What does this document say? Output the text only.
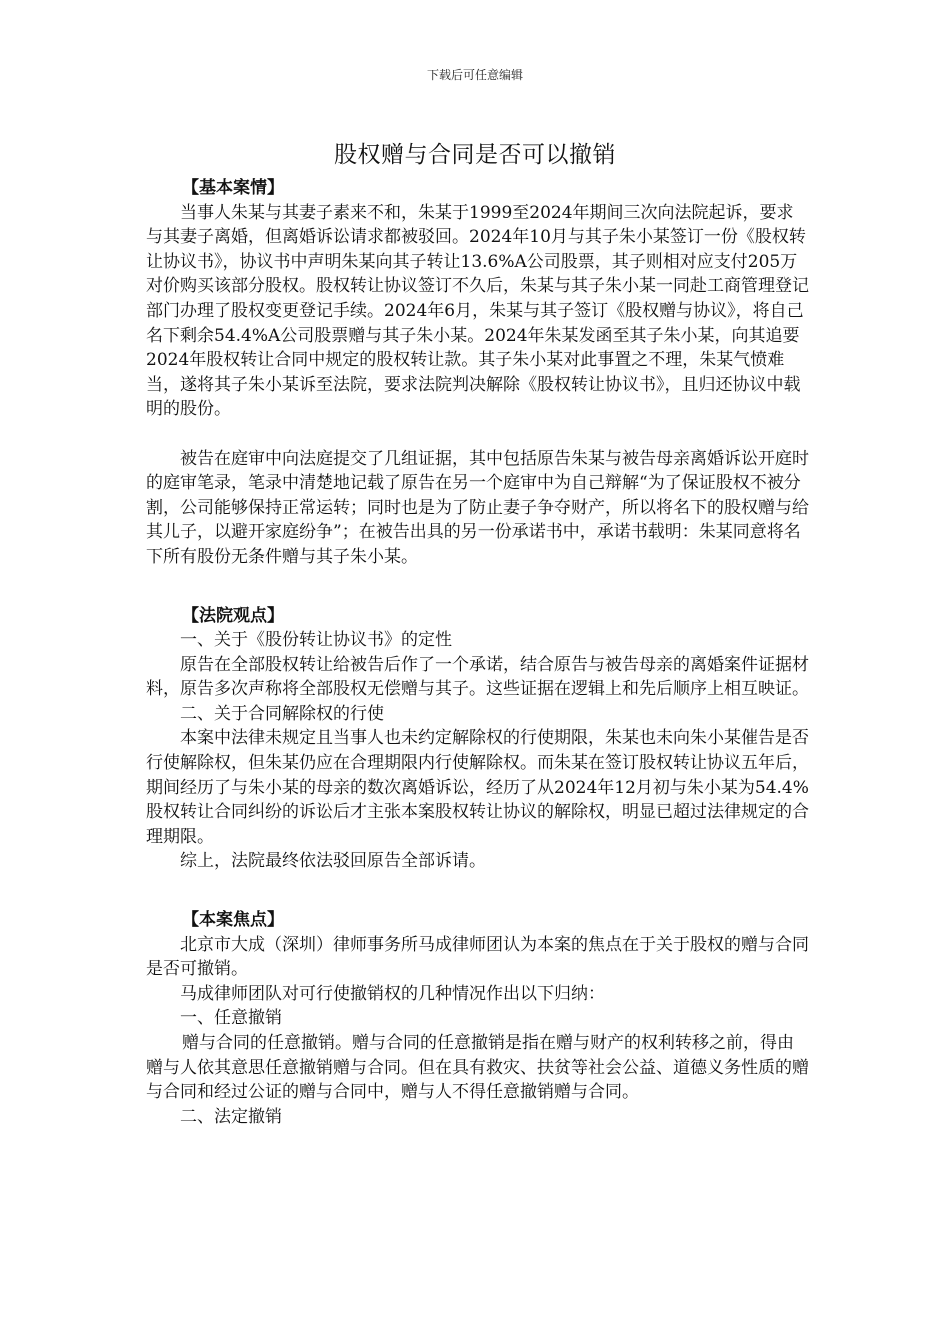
下载后可任意编辑
股权赠与合同是否可以撤销
【基本案情】

当事人朱某与其妻子素来不和，朱某于1999至2024年期间三次向法院起诉，要求与其妻子离婚，但离婚诉讼请求都被驳回。2024年10月与其子朱小某签订一份《股权转让协议书》，协议书中声明朱某向其子转让13.6%A公司股票，其子则相对应支付205万对价购买该部分股权。股权转让协议签订不久后，朱某与其子朱小某一同赴工商管理登记部门办理了股权变更登记手续。2024年6月，朱某与其子签订《股权赠与协议》，将自己名下剩余54.4%A公司股票赠与其子朱小某。2024年朱某发函至其子朱小某，向其追要2024年股权转让合同中规定的股权转让款。其子朱小某对此事置之不理，朱某气愤难当，遂将其子朱小某诉至法院，要求法院判决解除《股权转让协议书》，且归还协议中载明的股份。

被告在庭审中向法庭提交了几组证据，其中包括原告朱某与被告母亲离婚诉讼开庭时的庭审笔录，笔录中清楚地记载了原告在另一个庭审中为自己辩解“为了保证股权不被分割，公司能够保持正常运转；同时也是为了防止妻子争夺财产，所以将名下的股权赠与给其儿子，以避开家庭纷争”；在被告出具的另一份承诺书中，承诺书载明：朱某同意将名下所有股份无条件赠与其子朱小某。

【法院观点】

一、关于《股份转让协议书》的定性

原告在全部股权转让给被告后作了一个承诺，结合原告与被告母亲的离婚案件证据材料，原告多次声称将全部股权无偿赠与其子。这些证据在逻辑上和先后顺序上相互映证。

二、关于合同解除权的行使

本案中法律未规定且当事人也未约定解除权的行使期限，朱某也未向朱小某催告是否行使解除权，但朱某仍应在合理期限内行使解除权。而朱某在签订股权转让协议五年后，期间经历了与朱小某的母亲的数次离婚诉讼，经历了从2024年12月初与朱小某为54.4%股权转让合同纠纷的诉讼后才主张本案股权转让协议的解除权，明显已超过法律规定的合理期限。

综上，法院最终依法驳回原告全部诉请。

【本案焦点】

北京市大成（深圳）律师事务所马成律师团认为本案的焦点在于关于股权的赠与合同是否可撤销。

马成律师团队对可行使撤销权的几种情况作出以下归纳：

一、任意撤销

赠与合同的任意撤销。赠与合同的任意撤销是指在赠与财产的权利转移之前，得由赠与人依其意思任意撤销赠与合同。但在具有救灾、扶贫等社会公益、道德义务性质的赠与合同和经过公证的赠与合同中，赠与人不得任意撤销赠与合同。

二、法定撤销
